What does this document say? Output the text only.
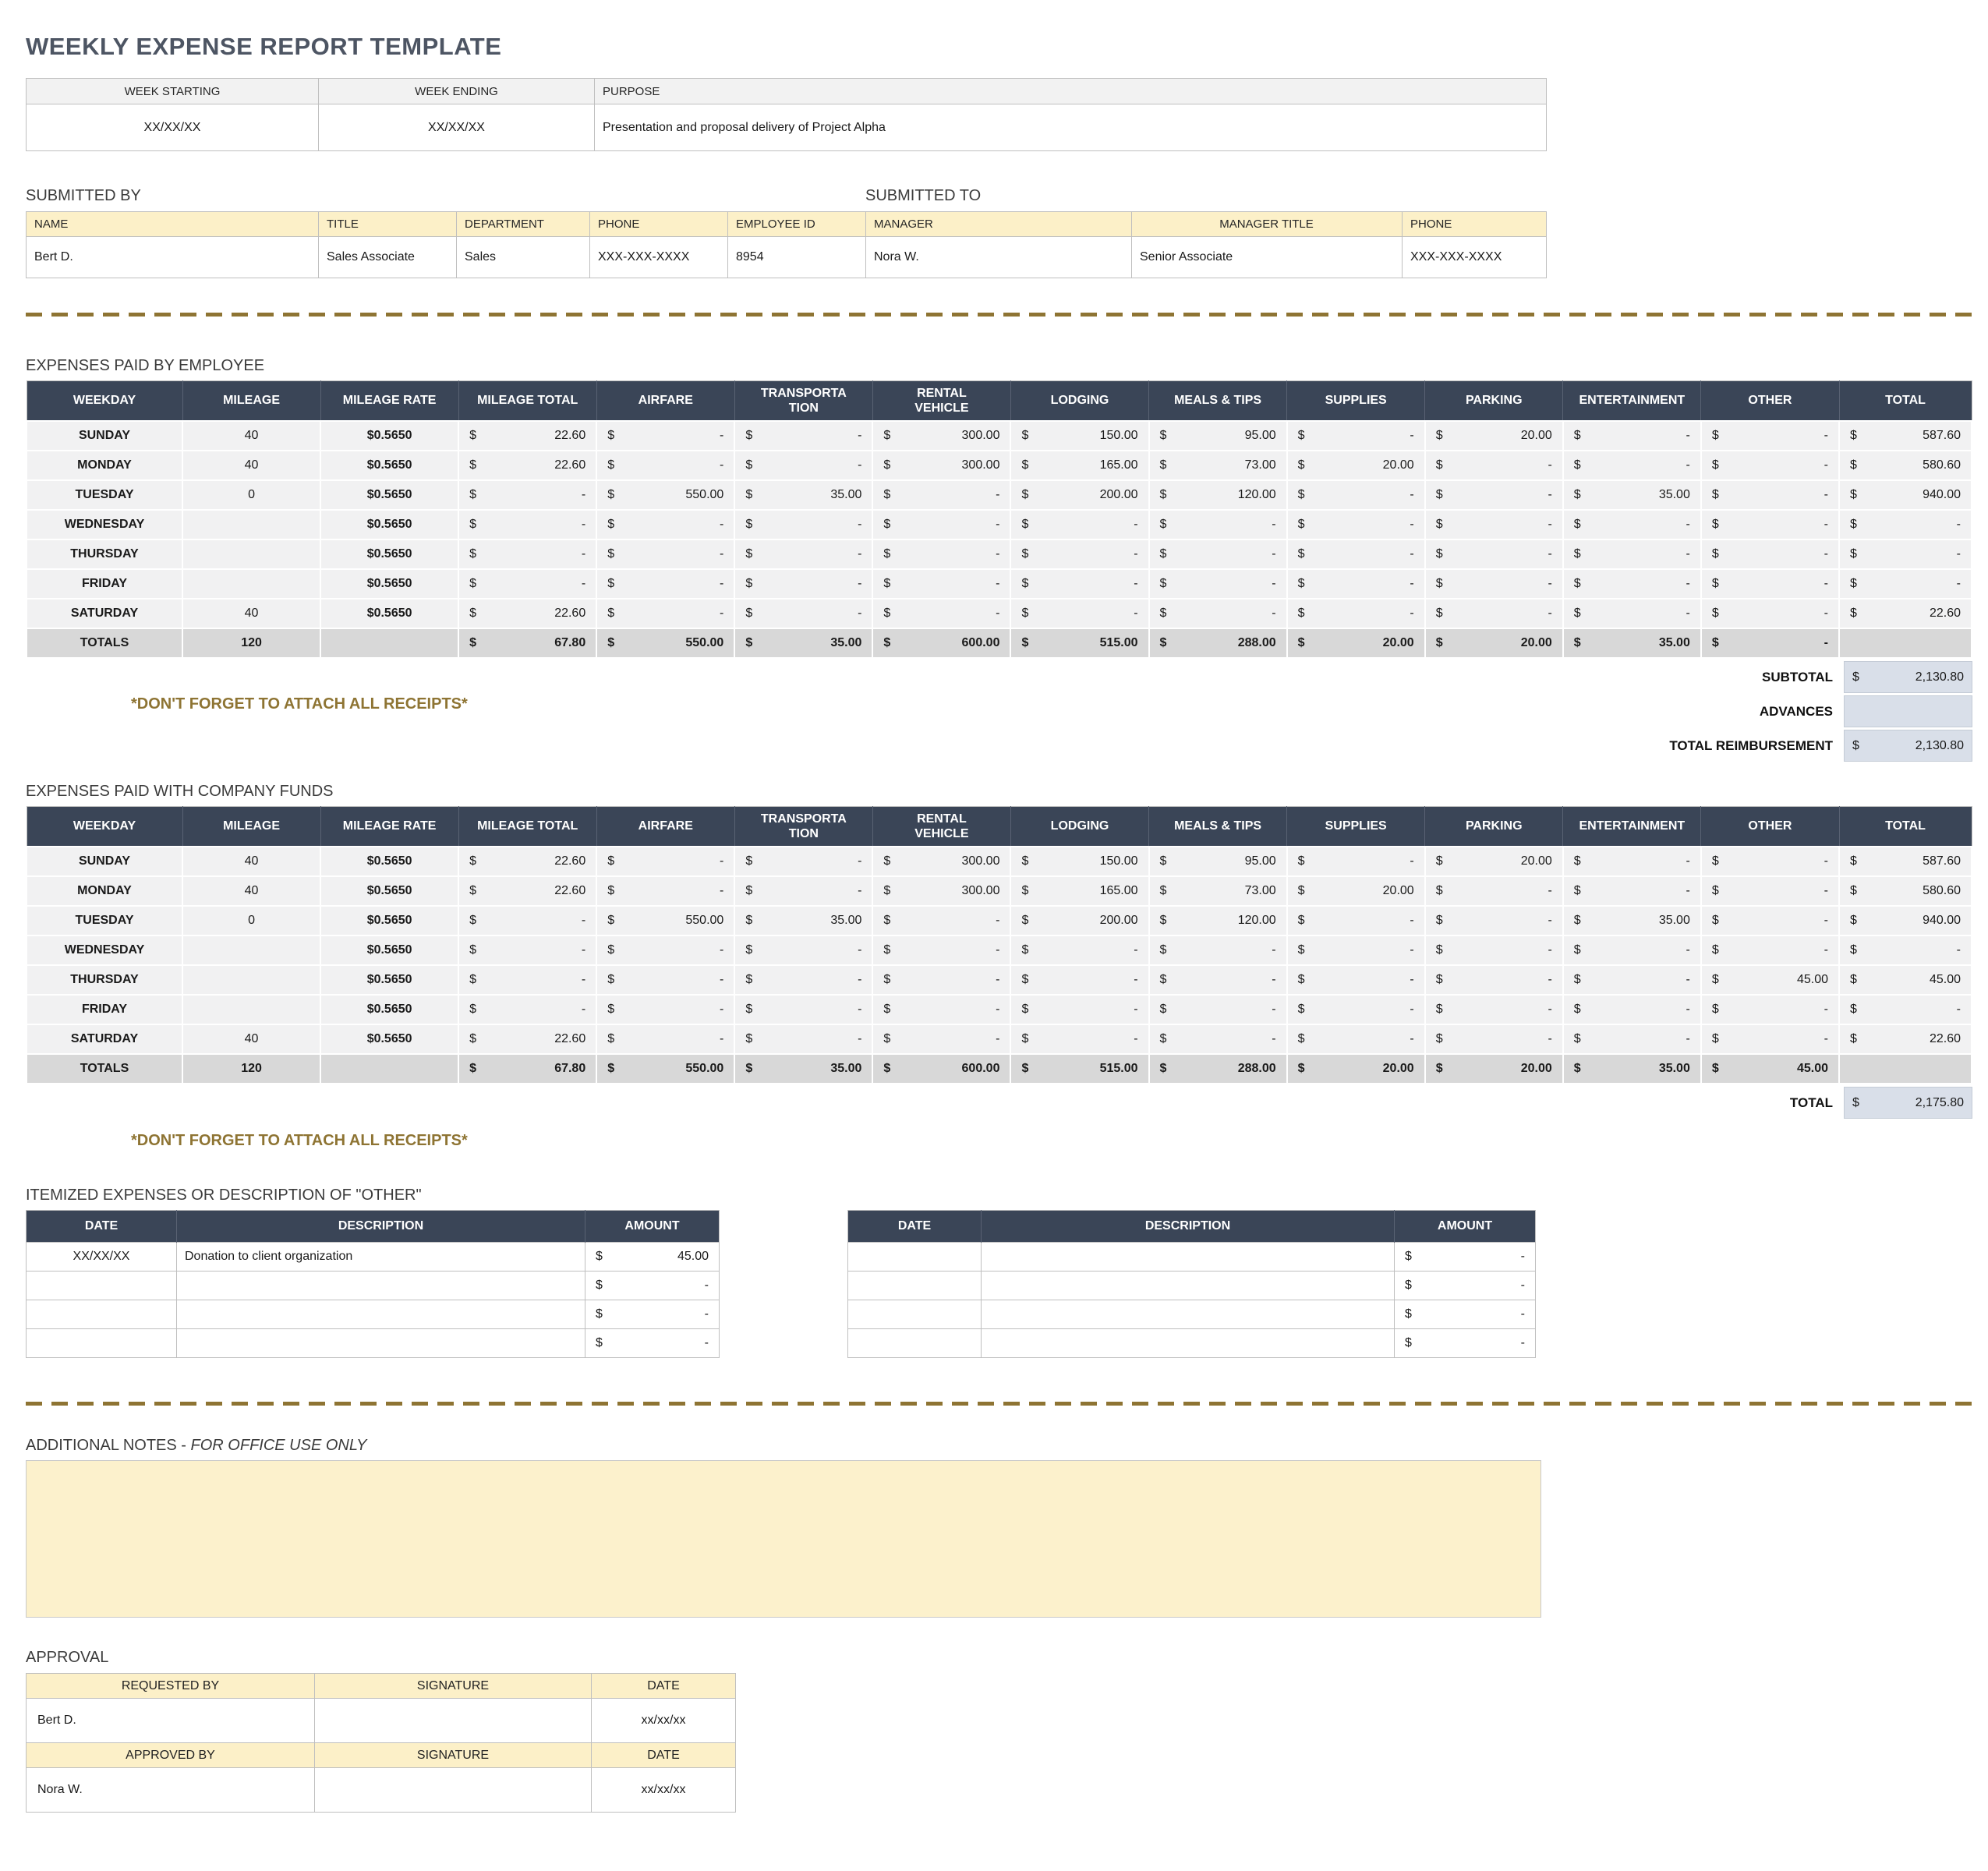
WEEKLY EXPENSE REPORT TEMPLATE
WEEK STARTING	WEEK ENDING	PURPOSE
XX/XX/XX	XX/XX/XX	Presentation and proposal delivery of Project Alpha
SUBMITTED BY	SUBMITTED TO
NAME	TITLE	DEPARTMENT	PHONE	EMPLOYEE ID	MANAGER	MANAGER TITLE	PHONE
Bert D.	Sales Associate	Sales	XXX-XXX-XXXX	8954	Nora W.	Senior Associate	XXX-XXX-XXXX
EXPENSES PAID BY EMPLOYEE
WEEKDAY	MILEAGE	MILEAGE RATE	MILEAGE TOTAL	AIRFARE	TRANSPORTATION	RENTAL VEHICLE	LODGING	MEALS & TIPS	SUPPLIES	PARKING	ENTERTAINMENT	OTHER	TOTAL
SUNDAY	40	$0.5650	$ 22.60	$ -	$ -	$ 300.00	$ 150.00	$ 95.00	$ -	$ 20.00	$ -	$ -	$ 587.60

MONDAY	40	$0.5650	$ 22.60	$ -	$ -	$ 300.00	$ 165.00	$ 73.00	$ 20.00	$ -	$ -	$ -	$ 580.60

TUESDAY	0	$0.5650	$ -	$ 550.00	$ 35.00	$ -	$ 200.00	$ 120.00	$ -	$ -	$ 35.00	$ -	$ 940.00

WEDNESDAY		$0.5650	$ -	$ -	$ -	$ -	$ -	$ -	$ -	$ -	$ -	$ -	$ -

THURSDAY		$0.5650	$ -	$ -	$ -	$ -	$ -	$ -	$ -	$ -	$ -	$ -	$ -

FRIDAY		$0.5650	$ -	$ -	$ -	$ -	$ -	$ -	$ -	$ -	$ -	$ -	$ -

SATURDAY	40	$0.5650	$ 22.60	$ -	$ -	$ -	$ -	$ -	$ -	$ -	$ -	$ -	$ 22.60

TOTALS	120		$ 67.80	$ 550.00	$ 35.00	$ 600.00	$ 515.00	$ 288.00	$ 20.00	$ 20.00	$ 35.00	$ -	

SUBTOTAL $	2,130.80
ADVANCES
TOTAL REIMBURSEMENT $	2,130.80
*DON'T FORGET TO ATTACH ALL RECEIPTS*
EXPENSES PAID WITH COMPANY FUNDS
WEEKDAY	MILEAGE	MILEAGE RATE	MILEAGE TOTAL	AIRFARE	TRANSPORTATION	RENTAL VEHICLE	LODGING	MEALS & TIPS	SUPPLIES	PARKING	ENTERTAINMENT	OTHER	TOTAL
SUNDAY	40	$0.5650	$ 22.60	$ -	$ -	$ 300.00	$ 150.00	$ 95.00	$ -	$ 20.00	$ -	$ -	$ 587.60

MONDAY	40	$0.5650	$ 22.60	$ -	$ -	$ 300.00	$ 165.00	$ 73.00	$ 20.00	$ -	$ -	$ -	$ 580.60

TUESDAY	0	$0.5650	$ -	$ 550.00	$ 35.00	$ -	$ 200.00	$ 120.00	$ -	$ -	$ 35.00	$ -	$ 940.00

WEDNESDAY		$0.5650	$ -	$ -	$ -	$ -	$ -	$ -	$ -	$ -	$ -	$ -	$ -

THURSDAY		$0.5650	$ -	$ -	$ -	$ -	$ -	$ -	$ -	$ -	$ -	$ 45.00	$ 45.00

FRIDAY		$0.5650	$ -	$ -	$ -	$ -	$ -	$ -	$ -	$ -	$ -	$ -	$ -

SATURDAY	40	$0.5650	$ 22.60	$ -	$ -	$ -	$ -	$ -	$ -	$ -	$ -	$ -	$ 22.60

TOTALS	120		$ 67.80	$ 550.00	$ 35.00	$ 600.00	$ 515.00	$ 288.00	$ 20.00	$ 20.00	$ 35.00	$ 45.00	

TOTAL $	2,175.80
*DON'T FORGET TO ATTACH ALL RECEIPTS*
ITEMIZED EXPENSES OR DESCRIPTION OF "OTHER"
DATE	DESCRIPTION	AMOUNT
XX/XX/XX	Donation to client organization	$ 45.00

		$ -

		$ -

		$ -
DATE	DESCRIPTION	AMOUNT

		$ -

		$ -

		$ -

		$ -
ADDITIONAL NOTES - FOR OFFICE USE ONLY
APPROVAL
REQUESTED BY	SIGNATURE	DATE
Bert D.		xx/xx/xx
APPROVED BY	SIGNATURE	DATE
Nora W.		xx/xx/xx
